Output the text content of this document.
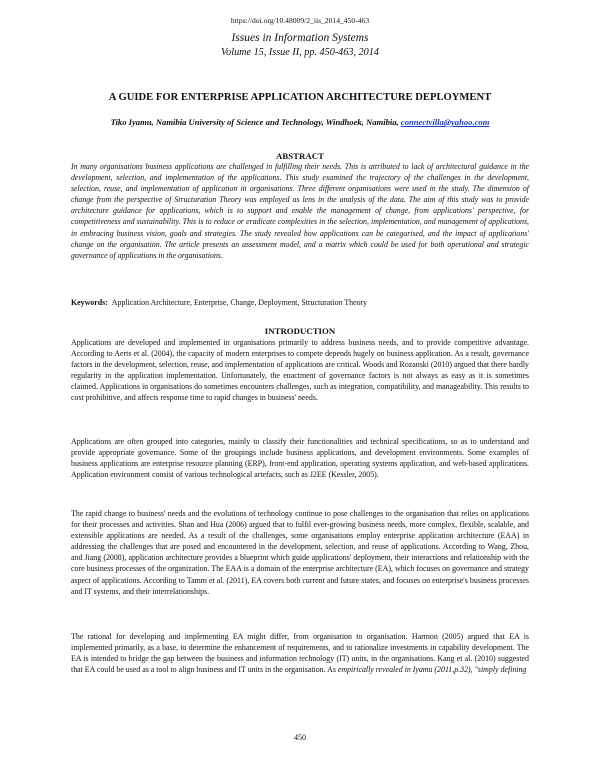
https://doi.org/10.48009/2_iis_2014_450-463
Issues in Information Systems
Volume 15, Issue II, pp. 450-463, 2014
A GUIDE FOR ENTERPRISE APPLICATION ARCHITECTURE DEPLOYMENT
Tiko Iyamu, Namibia University of Science and Technology, Windhoek, Namibia, connectvilla@yahoo.com
ABSTRACT

In many organisations business applications are challenged in fulfilling their needs. This is attributed to lack of architectural guidance in the development, selection, and implementation of the applications. This study examined the trajectory of the challenges in the development, selection, reuse, and implementation of application in organisations. Three different organisations were used in the study. The dimension of change from the perspective of Structuration Theory was employed as lens in the analysis of the data. The aim of this study was to provide architecture guidance for applications, which is to support and enable the management of change, from applications' perspective, for competitiveness and sustainability. This is to reduce or eradicate complexities in the selection, implementation, and management of applications, in embracing business vision, goals and strategies. The study revealed how applications can be categorised, and the impact of applications' change on the organisation. The article presents an assessment model, and a matrix which could be used for both operational and strategic governance of applications in the organisations.

Keywords: Application Architecture, Enterprise, Change, Deployment, Structuration Theory

INTRODUCTION

Applications are developed and implemented in organisations primarily to address business needs, and to provide competitive advantage. According to Aerts et al. (2004), the capacity of modern enterprises to compete depends hugely on business application. As a result, governance factors in the development, selection, reuse, and implementation of applications are critical. Woods and Rozanski (2010) argued that there hardly regularity in the application implementation. Unfortunately, the enactment of governance factors is not always as easy as it is sometimes claimed. Applications in organisations do sometimes encounters challenges, such as integration, compatibility, and manageability. This results to cost prohibitive, and affects response time to rapid changes in business' needs.

Applications are often grouped into categories, mainly to classify their functionalities and technical specifications, so as to understand and provide appropriate governance. Some of the groupings include business applications, and development environments. Some examples of business applications are enterprise resource planning (ERP), front-end application, operating systems application, and web-based applications. Application environment consist of various technological artefacts, such as J2EE (Kessler, 2005).

The rapid change to business' needs and the evolutions of technology continue to pose challenges to the organisation that relies on applications for their processes and activities. Shan and Hua (2006) argued that to fulfil ever-growing business needs, more complex, flexible, scalable, and extensible applications are needed. As a result of the challenges, some organisations employ enterprise application architecture (EAA) in addressing the challenges that are posed and encountered in the development, selection, and reuse of applications. According to Wang, Zhou, and Jiang (2008), application architecture provides a blueprint which guide applications' deployment, their interactions and relationship with the core business processes of the organization. The EAA is a domain of the enterprise architecture (EA), which focuses on governance and strategy aspect of applications. According to Tamm et al. (2011), EA covers both current and future states, and focuses on enterprise's business processes and IT systems, and their interrelationships.

The rational for developing and implementing EA might differ, from organisation to organisation. Harmon (2005) argued that EA is implemented primarily, as a base, to determine the enhancement of requirements, and to rationalize investments in capability development. The EA is intended to bridge the gap between the business and information technology (IT) units, in the organisations. Kang et al. (2010) suggested that EA could be used as a tool to align business and IT units in the organisation. As empirically revealed in Iyamu (2011,p.32), "simply defining

450
